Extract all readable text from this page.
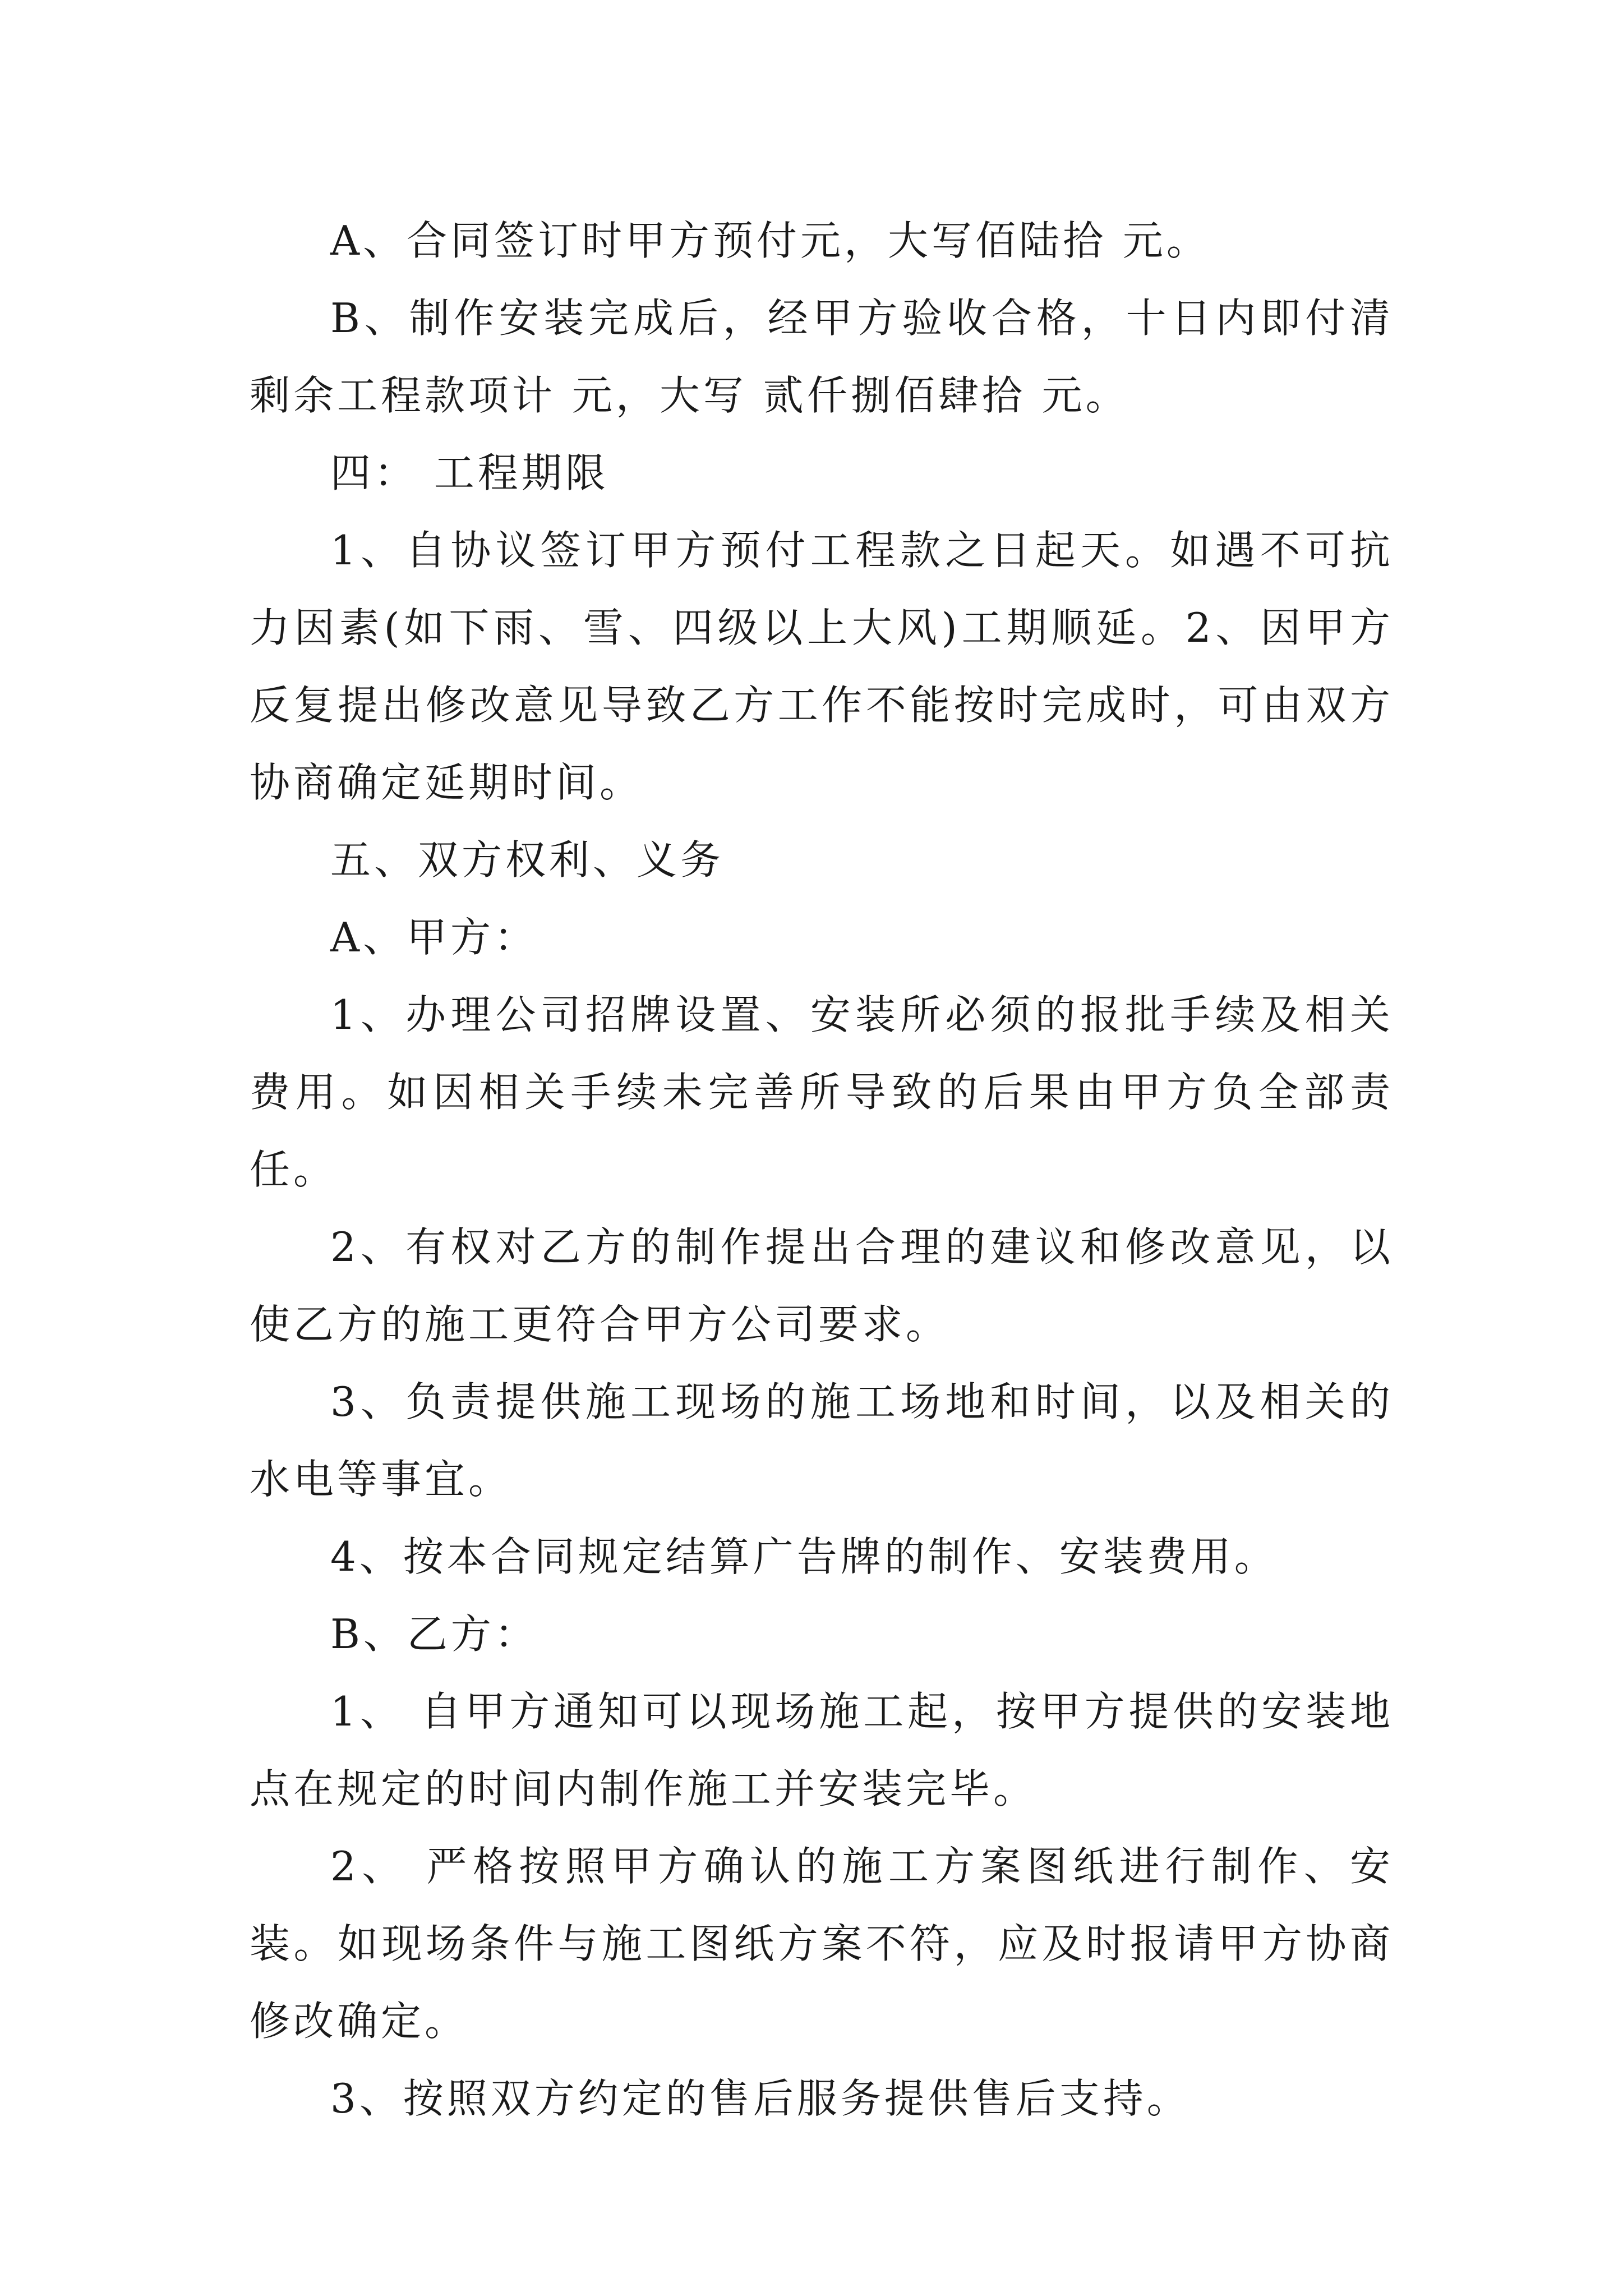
A、合同签订时甲方预付元，大写佰陆拾 元。

B、制作安装完成后，经甲方验收合格，十日内即付清剩余工程款项计 元，大写 贰仟捌佰肆拾 元。

四： 工程期限

1、自协议签订甲方预付工程款之日起天。如遇不可抗力因素(如下雨、雪、四级以上大风)工期顺延。2、因甲方反复提出修改意见导致乙方工作不能按时完成时，可由双方协商确定延期时间。

五、双方权利、义务

A、甲方：

1、办理公司招牌设置、安装所必须的报批手续及相关费用。如因相关手续未完善所导致的后果由甲方负全部责任。

2、有权对乙方的制作提出合理的建议和修改意见，以使乙方的施工更符合甲方公司要求。

3、负责提供施工现场的施工场地和时间，以及相关的水电等事宜。

4、按本合同规定结算广告牌的制作、安装费用。

B、乙方：

1、 自甲方通知可以现场施工起，按甲方提供的安装地点在规定的时间内制作施工并安装完毕。

2、 严格按照甲方确认的施工方案图纸进行制作、安装。如现场条件与施工图纸方案不符，应及时报请甲方协商修改确定。

3、按照双方约定的售后服务提供售后支持。
